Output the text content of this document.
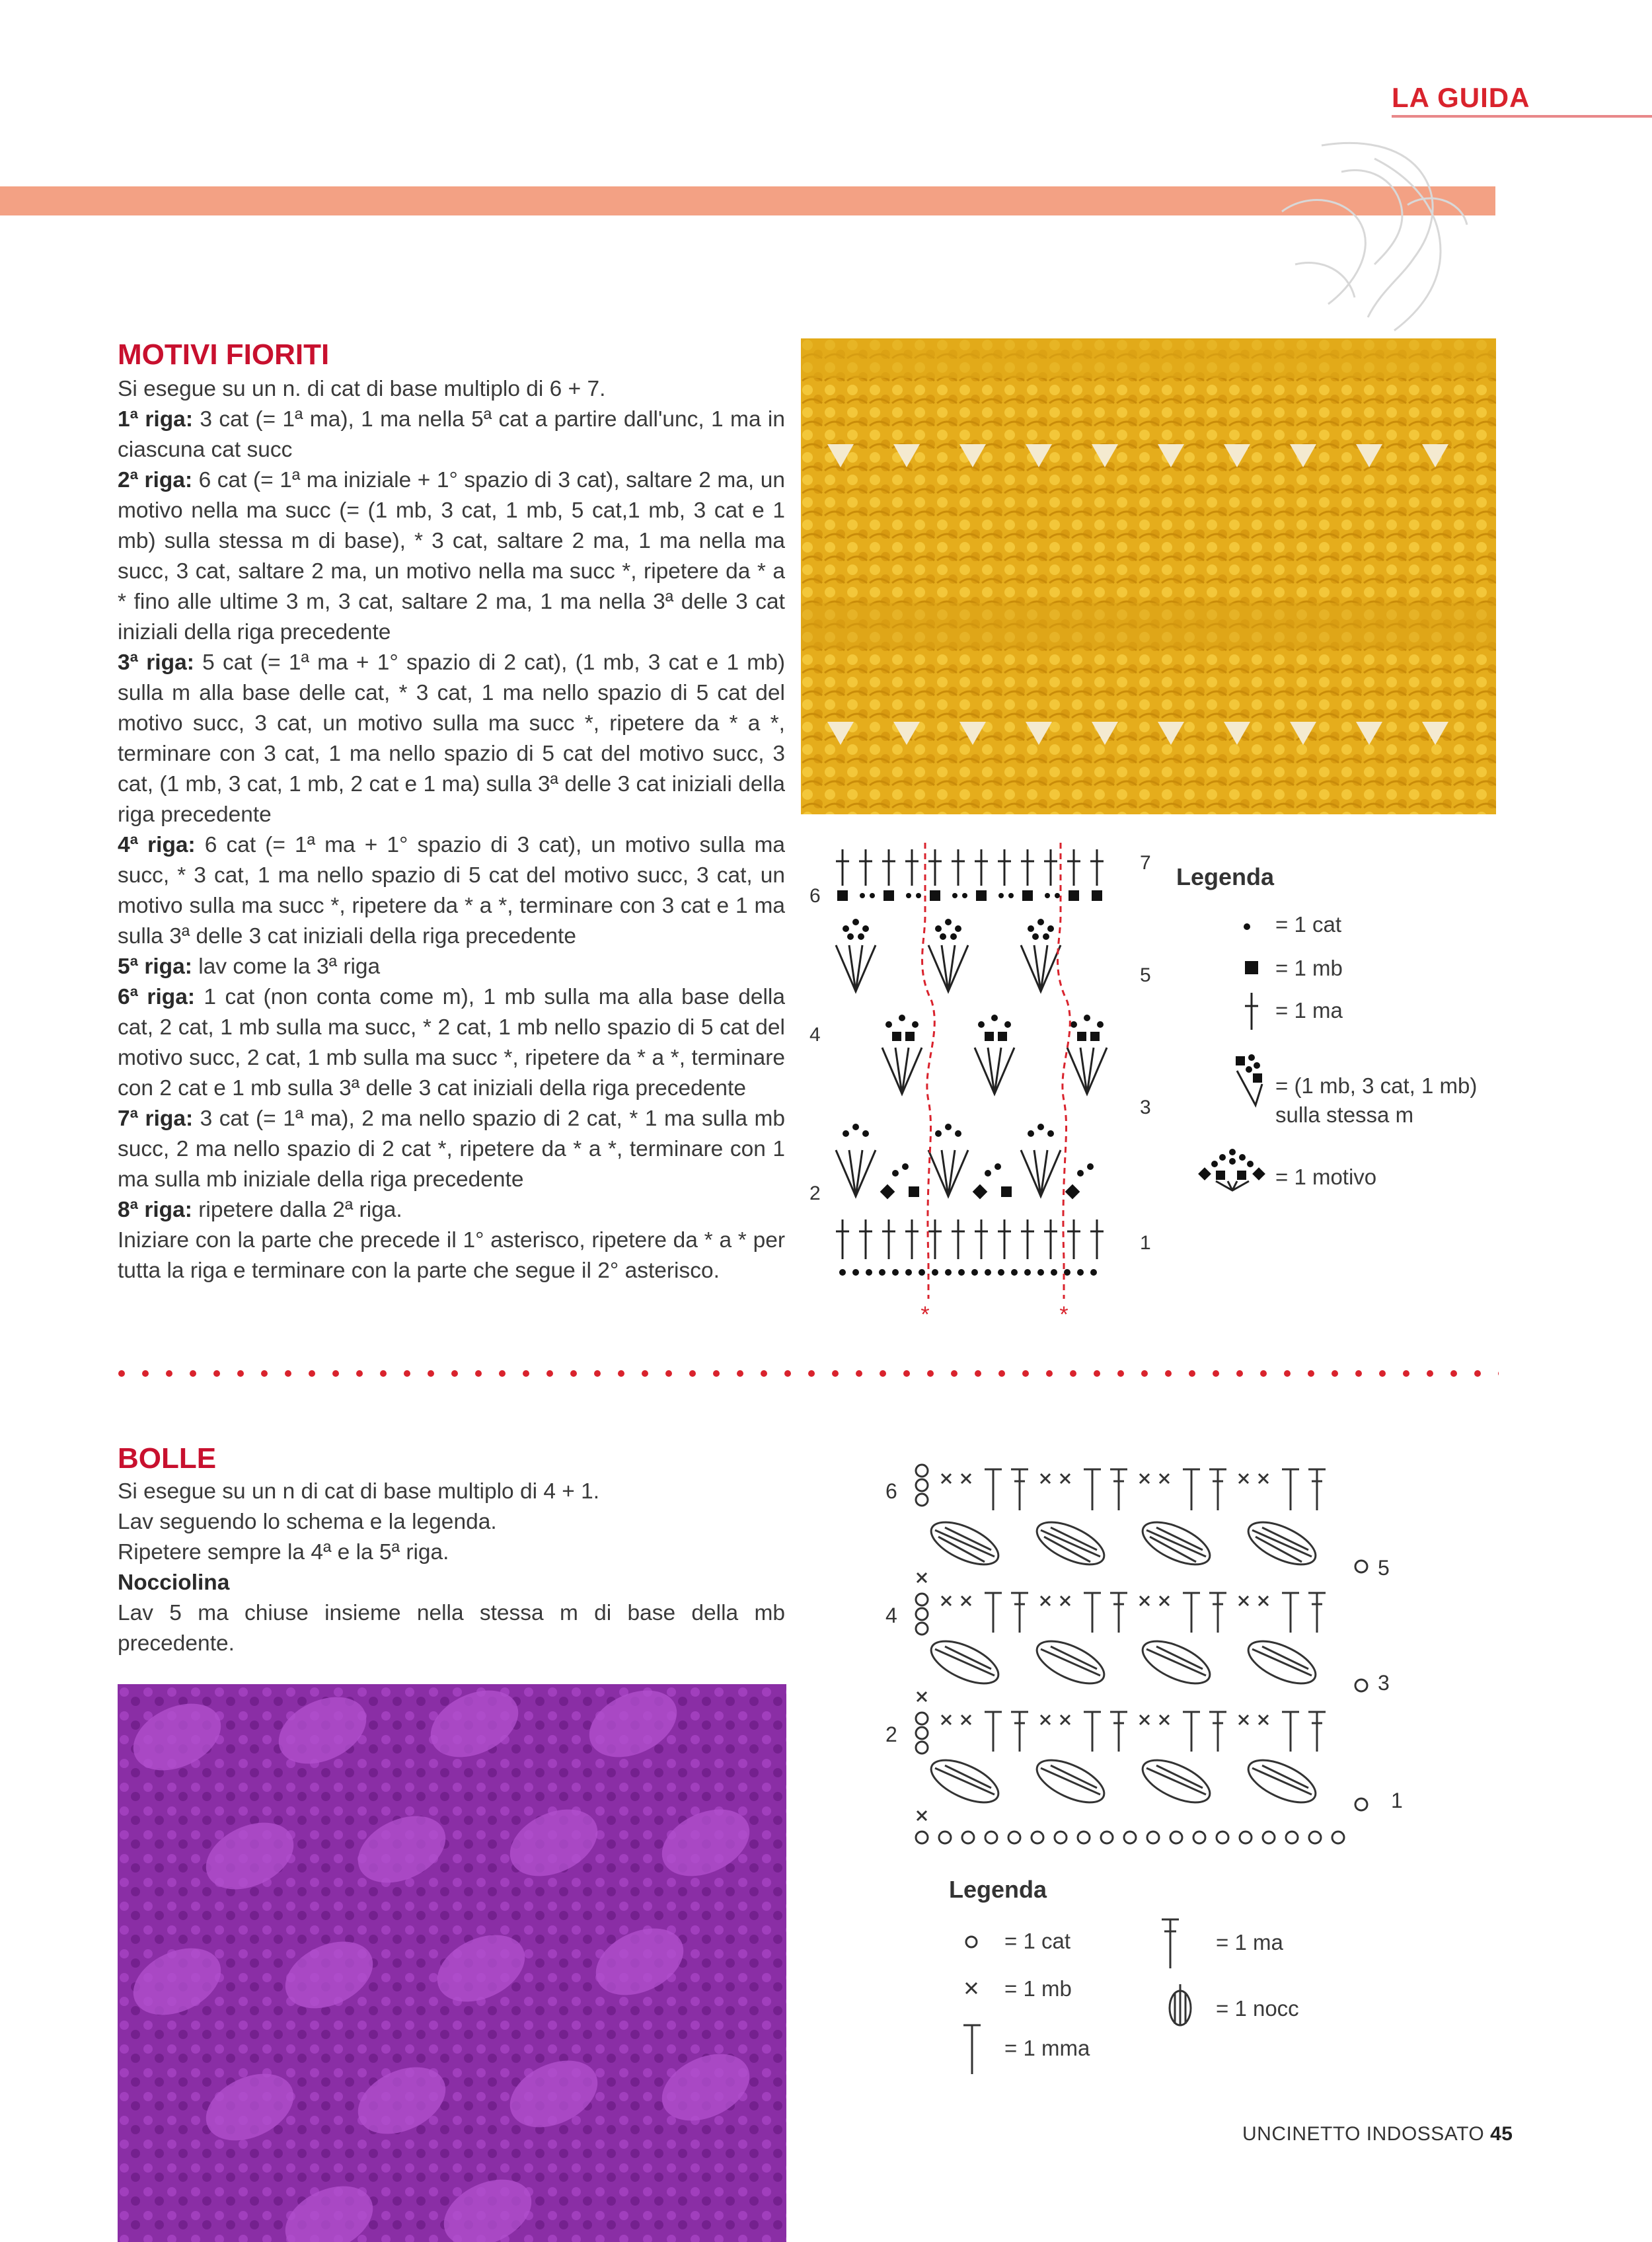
LA GUIDA
MOTIVI FIORITI

Si esegue su un n. di cat di base multiplo di 6 + 7.

1ª riga: 3 cat (= 1ª ma), 1 ma nella 5ª cat a partire dall'unc, 1 ma in ciascuna cat succ

2ª riga: 6 cat (= 1ª ma iniziale + 1° spazio di 3 cat), saltare 2 ma, un motivo nella ma succ (= (1 mb, 3 cat, 1 mb, 5 cat,1 mb, 3 cat e 1 mb) sulla stessa m di base), * 3 cat, saltare 2 ma, 1 ma nella ma succ, 3 cat, saltare 2 ma, un motivo nella ma succ *, ripetere da * a * fino alle ultime 3 m, 3 cat, saltare 2 ma, 1 ma nella 3ª delle 3 cat iniziali della riga precedente

3ª riga: 5 cat (= 1ª ma + 1° spazio di 2 cat), (1 mb, 3 cat e 1 mb) sulla m alla base delle cat, * 3 cat, 1 ma nello spazio di 5 cat del motivo succ, 3 cat, un motivo sulla ma succ *, ripetere da * a *, terminare con 3 cat, 1 ma nello spazio di 5 cat del motivo succ, 3 cat, (1 mb, 3 cat, 1 mb, 2 cat e 1 ma) sulla 3ª delle 3 cat iniziali della riga precedente

4ª riga: 6 cat (= 1ª ma + 1° spazio di 3 cat), un motivo sulla ma succ, * 3 cat, 1 ma nello spazio di 5 cat del motivo succ, 3 cat, un motivo sulla ma succ *, ripetere da * a *, terminare con 3 cat e 1 ma sulla 3ª delle 3 cat iniziali della riga precedente

5ª riga: lav come la 3ª riga

6ª riga: 1 cat (non conta come m), 1 mb sulla ma alla base della cat, 2 cat, 1 mb sulla ma succ, * 2 cat, 1 mb nello spazio di 5 cat del motivo succ, 2 cat, 1 mb sulla ma succ *, ripetere da * a *, terminare con 2 cat e 1 mb sulla 3ª delle 3 cat iniziali della riga precedente

7ª riga: 3 cat (= 1ª ma), 2 ma nello spazio di 2 cat, * 1 ma sulla mb succ, 2 ma nello spazio di 2 cat *, ripetere da * a *, terminare con 1 ma sulla mb iniziale della riga precedente

8ª riga: ripetere dalla 2ª riga.

Iniziare con la parte che precede il 1° asterisco, ripetere da * a * per tutta la riga e terminare con la parte che segue il 2° asterisco.

*	*
7
6
5
4
3
2
1
Legenda
= 1 cat
= 1 mb
= 1 ma
= (1 mb, 3 cat, 1 mb)
sulla stessa m
= 1 motivo
BOLLE

Si esegue su un n di cat di base multiplo di 4 + 1.

Lav seguendo lo schema e la legenda.

Ripetere sempre la 4ª e la 5ª riga.

Nocciolina

Lav 5 ma chiuse insieme nella stessa m di base della mb precedente.

6
5
4
3
2
1
Legenda
= 1 cat
= 1 mb
= 1 mma
= 1 ma
= 1 nocc
UNCINETTO INDOSSATO 45
